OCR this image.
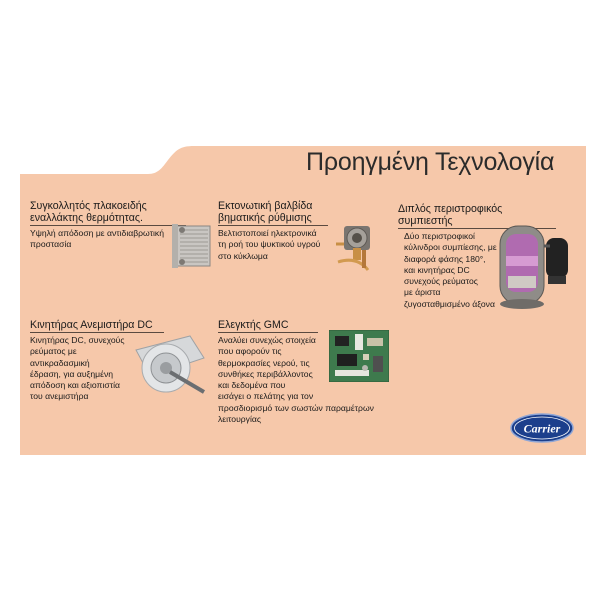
Προηγμένη Τεχνολογία
Συγκολλητός πλακοειδής
εναλλάκτης θερμότητας.
Υψηλή απόδοση με αντιδιαβρωτική
προστασία
Εκτονωτική βαλβίδα
βηματικής ρύθμισης
Βελτιστοποιεί ηλεκτρονικά
τη ροή του ψυκτικού υγρού
στο κύκλωμα
Διπλός περιστροφικός συμπιεστής
Δύο περιστροφικοί
κύλινδροι συμπίεσης, με
διαφορά φάσης 180°,
και κινητήρας DC
συνεχούς ρεύματος
με άριστα
ζυγοσταθμισμένο άξονα
Κινητήρας Ανεμιστήρα DC
Κινητήρας DC, συνεχούς
ρεύματος με
αντικραδασμική
έδραση, για αυξημένη
απόδοση και αξιοπιστία
του ανεμιστήρα
Ελεγκτής GMC
Αναλύει συνεχώς στοιχεία
που αφορούν τις
θερμοκρασίες νερού, τις
συνθήκες περιβάλλοντος
και δεδομένα που
εισάγει ο πελάτης για τον
προσδιορισμό των σωστών παραμέτρων
λειτουργίας
Carrier
